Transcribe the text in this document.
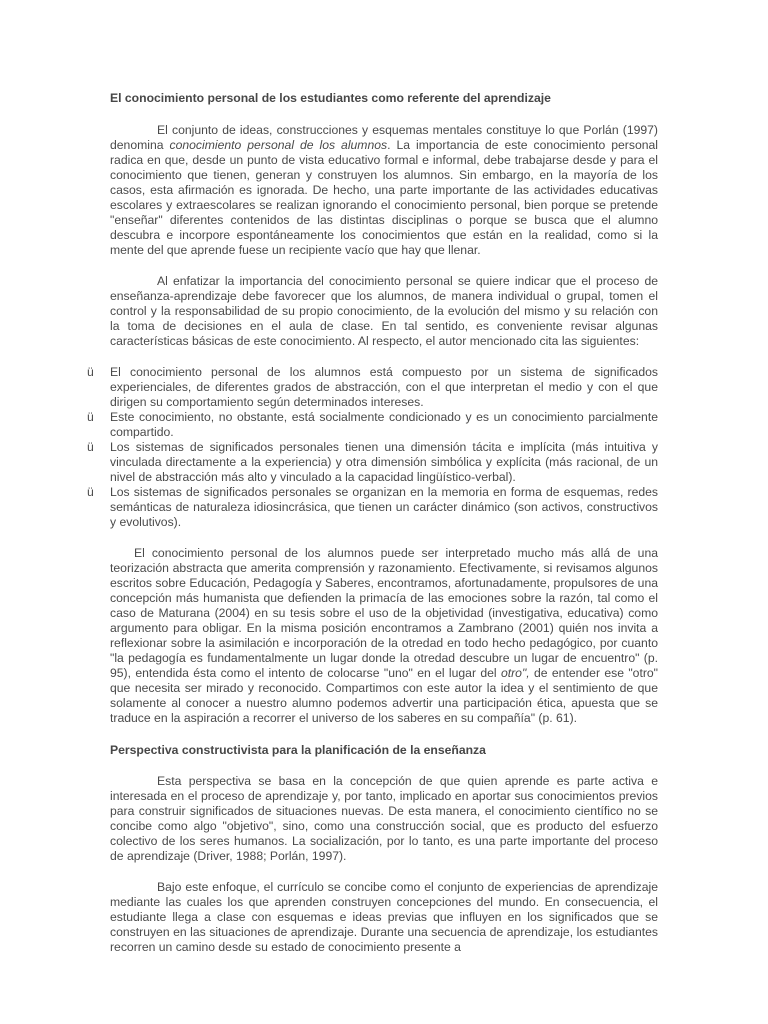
El conocimiento personal de los estudiantes como referente del aprendizaje

El conjunto de ideas, construcciones y esquemas mentales constituye lo que Porlán (1997) denomina conocimiento personal de los alumnos. La importancia de este conocimiento personal radica en que, desde un punto de vista educativo formal e informal, debe trabajarse desde y para el conocimiento que tienen, generan y construyen los alumnos. Sin embargo, en la mayoría de los casos, esta afirmación es ignorada. De hecho, una parte importante de las actividades educativas escolares y extraescolares se realizan ignorando el conocimiento personal, bien porque se pretende "enseñar" diferentes contenidos de las distintas disciplinas o porque se busca que el alumno descubra e incorpore espontáneamente los conocimientos que están en la realidad, como si la mente del que aprende fuese un recipiente vacío que hay que llenar.

Al enfatizar la importancia del conocimiento personal se quiere indicar que el proceso de enseñanza-aprendizaje debe favorecer que los alumnos, de manera individual o grupal, tomen el control y la responsabilidad de su propio conocimiento, de la evolución del mismo y su relación con la toma de decisiones en el aula de clase. En tal sentido, es conveniente revisar algunas características básicas de este conocimiento. Al respecto, el autor mencionado cita las siguientes:

ü	El conocimiento personal de los alumnos está compuesto por un sistema de significados experienciales, de diferentes grados de abstracción, con el que interpretan el medio y con el que dirigen su comportamiento según determinados intereses.
ü	Este conocimiento, no obstante, está socialmente condicionado y es un conocimiento parcialmente compartido.
ü	Los sistemas de significados personales tienen una dimensión tácita e implícita (más intuitiva y vinculada directamente a la experiencia) y otra dimensión simbólica y explícita (más racional, de un nivel de abstracción más alto y vinculado a la capacidad lingüístico-verbal).
ü	Los sistemas de significados personales se organizan en la memoria en forma de esquemas, redes semánticas de naturaleza idiosincrásica, que tienen un carácter dinámico (son activos, constructivos y evolutivos).

El conocimiento personal de los alumnos puede ser interpretado mucho más allá de una teorización abstracta que amerita comprensión y razonamiento. Efectivamente, si revisamos algunos escritos sobre Educación, Pedagogía y Saberes, encontramos, afortunadamente, propulsores de una concepción más humanista que defienden la primacía de las emociones sobre la razón, tal como el caso de Maturana (2004) en su tesis sobre el uso de la objetividad (investigativa, educativa) como argumento para obligar. En la misma posición encontramos a Zambrano (2001) quién nos invita a reflexionar sobre la asimilación e incorporación de la otredad en todo hecho pedagógico, por cuanto "la pedagogía es fundamentalmente un lugar donde la otredad descubre un lugar de encuentro" (p. 95), entendida ésta como el intento de colocarse "uno" en el lugar del otro", de entender ese "otro" que necesita ser mirado y reconocido. Compartimos con este autor la idea y el sentimiento de que solamente al conocer a nuestro alumno podemos advertir una participación ética, apuesta que se traduce en la aspiración a recorrer el universo de los saberes en su compañía" (p. 61).

Perspectiva constructivista para la planificación de la enseñanza

Esta perspectiva se basa en la concepción de que quien aprende es parte activa e interesada en el proceso de aprendizaje y, por tanto, implicado en aportar sus conocimientos previos para construir significados de situaciones nuevas. De esta manera, el conocimiento científico no se concibe como algo "objetivo", sino, como una construcción social, que es producto del esfuerzo colectivo de los seres humanos. La socialización, por lo tanto, es una parte importante del proceso de aprendizaje (Driver, 1988; Porlán, 1997).

Bajo este enfoque, el currículo se concibe como el conjunto de experiencias de aprendizaje mediante las cuales los que aprenden construyen concepciones del mundo. En consecuencia, el estudiante llega a clase con esquemas e ideas previas que influyen en los significados que se construyen en las situaciones de aprendizaje. Durante una secuencia de aprendizaje, los estudiantes recorren un camino desde su estado de conocimiento presente a
